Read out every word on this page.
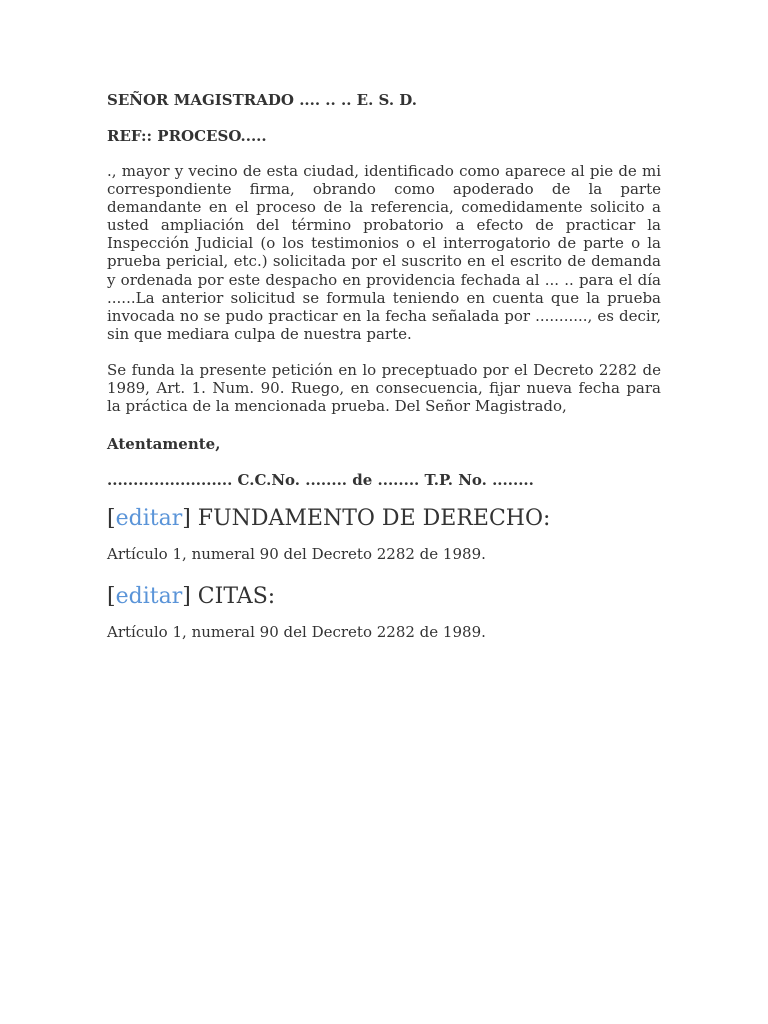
SEÑOR MAGISTRADO .... .. .. E. S. D.

REF:: PROCESO.....

., mayor y vecino de esta ciudad, identificado como aparece al pie de mi correspondiente firma, obrando como apoderado de la parte demandante en el proceso de la referencia, comedidamente solicito a usted ampliación del término probatorio a efecto de practicar la Inspección Judicial (o los testimonios o el interrogatorio de parte o la prueba pericial, etc.) solicitada por el suscrito en el escrito de demanda y ordenada por este despacho en providencia fechada al ... .. para el día ......La anterior solicitud se formula teniendo en cuenta que la prueba invocada no se pudo practicar en la fecha señalada por ..........., es decir, sin que mediara culpa de nuestra parte.

Se funda la presente petición en lo preceptuado por el Decreto 2282 de 1989, Art. 1. Num. 90. Ruego, en consecuencia, fijar nueva fecha para la práctica de la mencionada prueba. Del Señor Magistrado,

Atentamente,

........................ C.C.No. ........ de ........ T.P. No. ........

[editar] FUNDAMENTO DE DERECHO:

Artículo 1, numeral 90 del Decreto 2282 de 1989.

[editar] CITAS:

Artículo 1, numeral 90 del Decreto 2282 de 1989.
